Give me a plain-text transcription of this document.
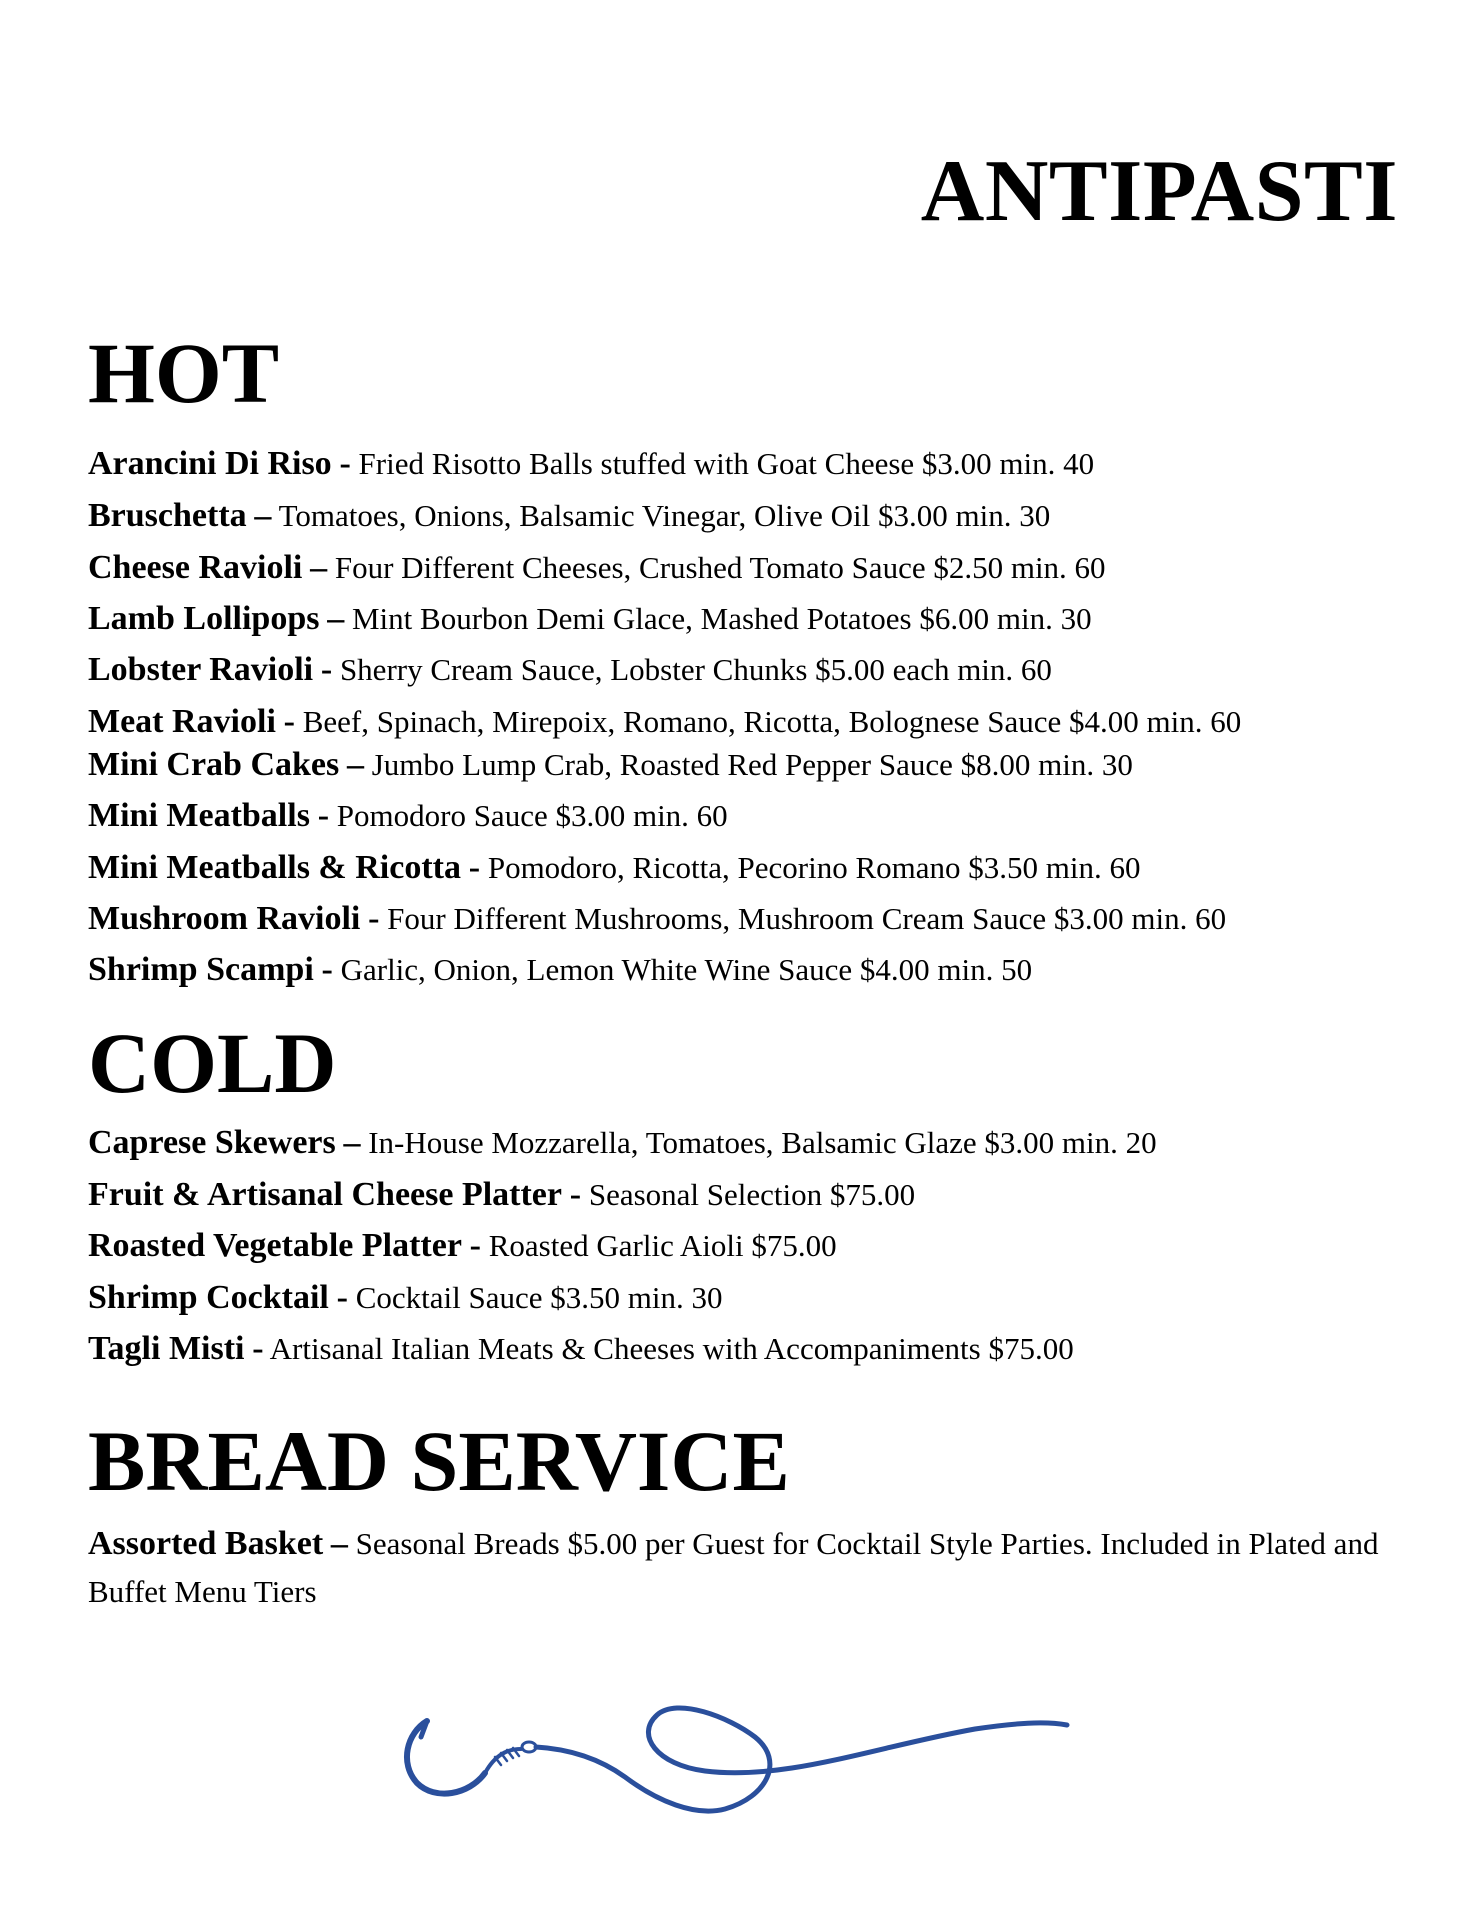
ANTIPASTI
HOT
Arancini Di Riso - Fried Risotto Balls stuffed with Goat Cheese $3.00 min. 40
Bruschetta – Tomatoes, Onions, Balsamic Vinegar, Olive Oil $3.00 min. 30
Cheese Ravioli – Four Different Cheeses, Crushed Tomato Sauce $2.50 min. 60
Lamb Lollipops – Mint Bourbon Demi Glace, Mashed Potatoes $6.00 min. 30
Lobster Ravioli - Sherry Cream Sauce, Lobster Chunks $5.00 each min. 60
Meat Ravioli - Beef, Spinach, Mirepoix, Romano, Ricotta, Bolognese Sauce $4.00 min. 60
Mini Crab Cakes – Jumbo Lump Crab, Roasted Red Pepper Sauce $8.00 min. 30
Mini Meatballs - Pomodoro Sauce $3.00 min. 60
Mini Meatballs & Ricotta - Pomodoro, Ricotta, Pecorino Romano $3.50 min. 60
Mushroom Ravioli - Four Different Mushrooms, Mushroom Cream Sauce $3.00 min. 60
Shrimp Scampi - Garlic, Onion, Lemon White Wine Sauce $4.00 min. 50
COLD
Caprese Skewers – In-House Mozzarella, Tomatoes, Balsamic Glaze $3.00 min. 20
Fruit & Artisanal Cheese Platter - Seasonal Selection $75.00
Roasted Vegetable Platter - Roasted Garlic Aioli $75.00
Shrimp Cocktail - Cocktail Sauce $3.50 min. 30
Tagli Misti - Artisanal Italian Meats & Cheeses with Accompaniments $75.00
BREAD SERVICE
Assorted Basket – Seasonal Breads $5.00 per Guest for Cocktail Style Parties. Included in Plated and Buffet Menu Tiers
